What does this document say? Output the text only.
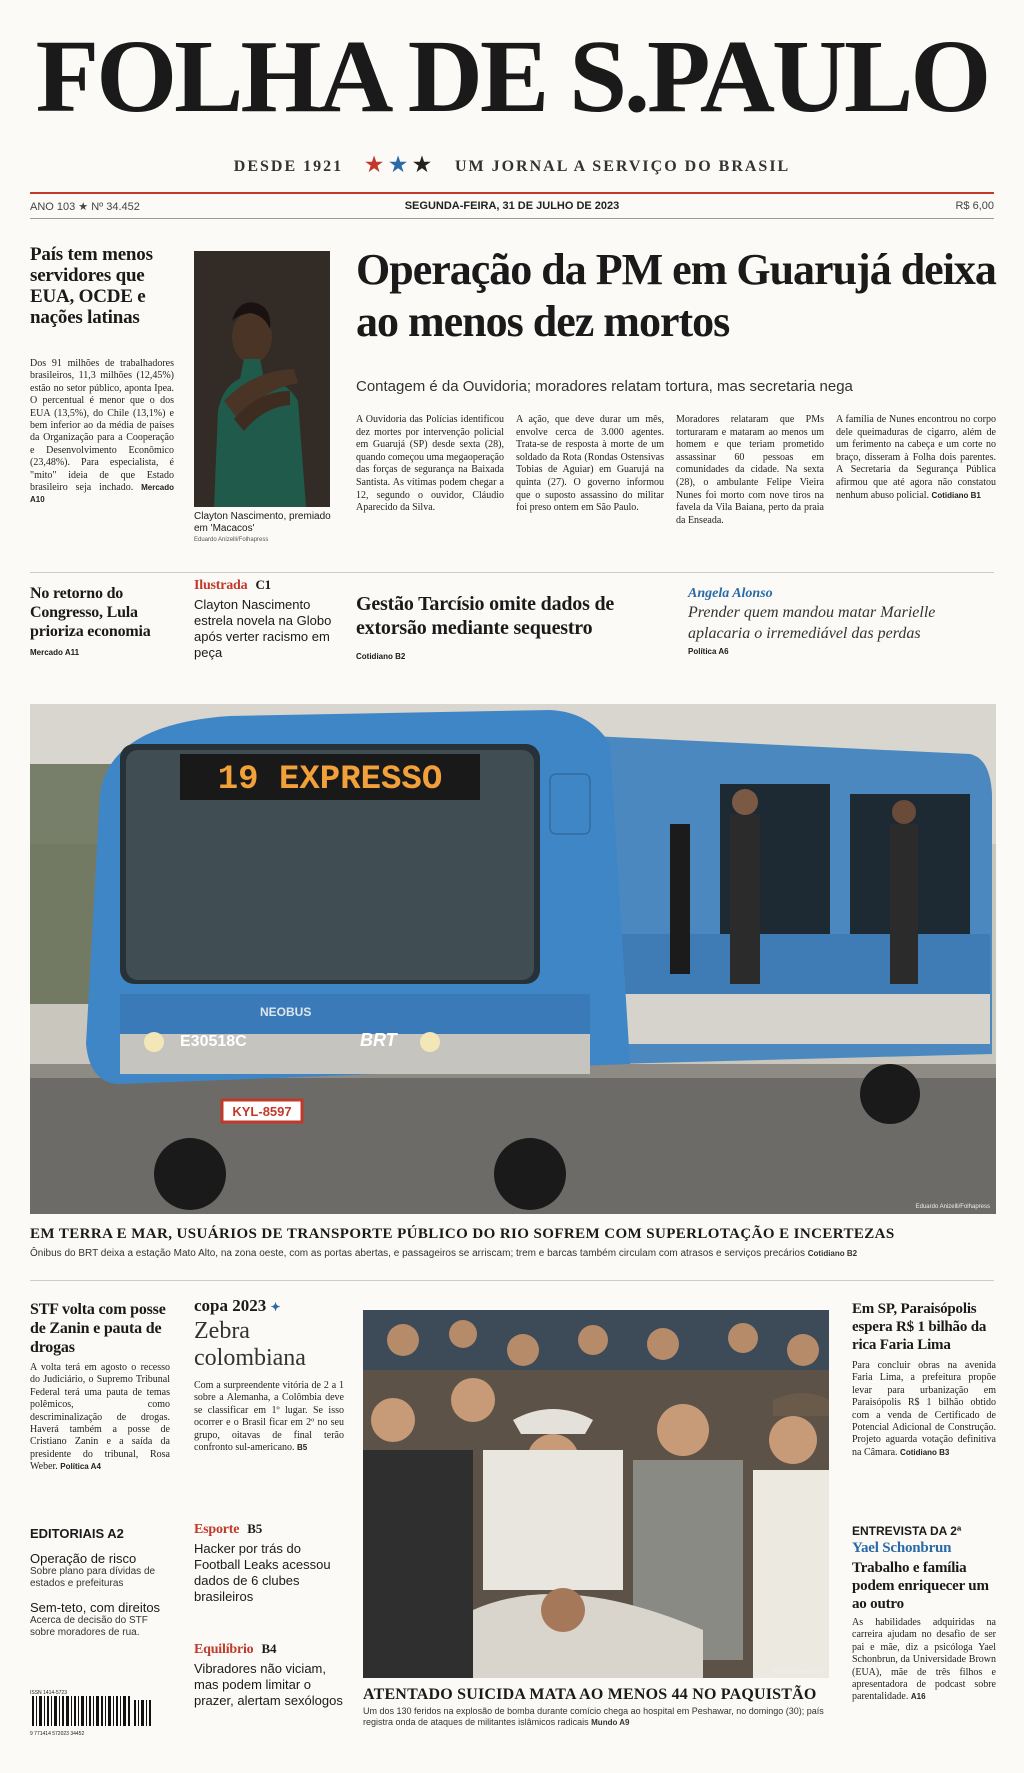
FOLHA DE S.PAULO
DESDE 1921 ★ ★ ★ UM JORNAL A SERVIÇO DO BRASIL
ANO 103 ★ Nº 34.452	SEGUNDA-FEIRA, 31 DE JULHO DE 2023	R$ 6,00
País tem menos servidores que EUA, OCDE e nações latinas
Dos 91 milhões de trabalhadores brasileiros, 11,3 milhões (12,45%) estão no setor público, aponta Ipea. O percentual é menor que o dos EUA (13,5%), do Chile (13,1%) e bem inferior ao da média de países da Organização para a Cooperação e Desenvolvimento Econômico (23,48%). Para especialista, é "mito" ideia de que Estado brasileiro seja inchado. Mercado A10
Clayton Nascimento, premiado em 'Macacos'
Eduardo Anizelli/Folhapress
Operação da PM em Guarujá deixa ao menos dez mortos
Contagem é da Ouvidoria; moradores relatam tortura, mas secretaria nega
A Ouvidoria das Polícias identificou dez mortes por intervenção policial em Guarujá (SP) desde sexta (28), quando começou uma megaoperação das forças de segurança na Baixada Santista. As vítimas podem chegar a 12, segundo o ouvidor, Cláudio Aparecido da Silva.
A ação, que deve durar um mês, envolve cerca de 3.000 agentes. Trata-se de resposta à morte de um soldado da Rota (Rondas Ostensivas Tobias de Aguiar) em Guarujá na quinta (27). O governo informou que o suposto assassino do militar foi preso ontem em São Paulo.
Moradores relataram que PMs torturaram e mataram ao menos um homem e que teriam prometido assassinar 60 pessoas em comunidades da cidade. Na sexta (28), o ambulante Felipe Vieira Nunes foi morto com nove tiros na favela da Vila Baiana, perto da praia da Enseada.
A família de Nunes encontrou no corpo dele queimaduras de cigarro, além de um ferimento na cabeça e um corte no braço, disseram à Folha dois parentes. A Secretaria da Segurança Pública afirmou que até agora não constatou nenhum abuso policial. Cotidiano B1
No retorno do Congresso, Lula prioriza economia
Mercado A11
Ilustrada C1
Clayton Nascimento estrela novela na Globo após verter racismo em peça
Gestão Tarcísio omite dados de extorsão mediante sequestro
Cotidiano B2
Angela Alonso
Prender quem mandou matar Marielle aplacaria o irremediável das perdas
Política A6
19 EXPRESSO
KYL-8597
E30518C	BRT
NEOBUS
Eduardo Anizelli/Folhapress
EM TERRA E MAR, USUÁRIOS DE TRANSPORTE PÚBLICO DO RIO SOFREM COM SUPERLOTAÇÃO E INCERTEZAS
Ônibus do BRT deixa a estação Mato Alto, na zona oeste, com as portas abertas, e passageiros se arriscam; trem e barcas também circulam com atrasos e serviços precários Cotidiano B2
STF volta com posse de Zanin e pauta de drogas
A volta terá em agosto o recesso do Judiciário, o Supremo Tribunal Federal terá uma pauta de temas polêmicos, como descriminalização de drogas. Haverá também a posse de Cristiano Zanin e a saída da presidente do tribunal, Rosa Weber. Política A4
EDITORIAIS A2
Operação de risco
Sobre plano para dívidas de estados e prefeituras
Sem-teto, com direitos
Acerca de decisão do STF sobre moradores de rua.
ISSN 1414-5723
9 771414 572023 34452
copa 2023 ✦
Zebra colombiana
Com a surpreendente vitória de 2 a 1 sobre a Alemanha, a Colômbia deve se classificar em 1º lugar. Se isso ocorrer e o Brasil ficar em 2º no seu grupo, oitavas de final terão confronto sul-americano. B5
Esporte B5
Hacker por trás do Football Leaks acessou dados de 6 clubes brasileiros
Equilíbrio B4
Vibradores não viciam, mas podem limitar o prazer, alertam sexólogos
Abdul Majeed/AFP
ATENTADO SUICIDA MATA AO MENOS 44 NO PAQUISTÃO
Um dos 130 feridos na explosão de bomba durante comício chega ao hospital em Peshawar, no domingo (30); país registra onda de ataques de militantes islâmicos radicais Mundo A9
Em SP, Paraisópolis espera R$ 1 bilhão da rica Faria Lima
Para concluir obras na avenida Faria Lima, a prefeitura propõe levar para urbanização em Paraisópolis R$ 1 bilhão obtido com a venda de Certificado de Potencial Adicional de Construção. Projeto aguarda votação definitiva na Câmara. Cotidiano B3
ENTREVISTA DA 2ª
Yael Schonbrun
Trabalho e família podem enriquecer um ao outro
As habilidades adquiridas na carreira ajudam no desafio de ser pai e mãe, diz a psicóloga Yael Schonbrun, da Universidade Brown (EUA), mãe de três filhos e apresentadora de podcast sobre parentalidade. A16
